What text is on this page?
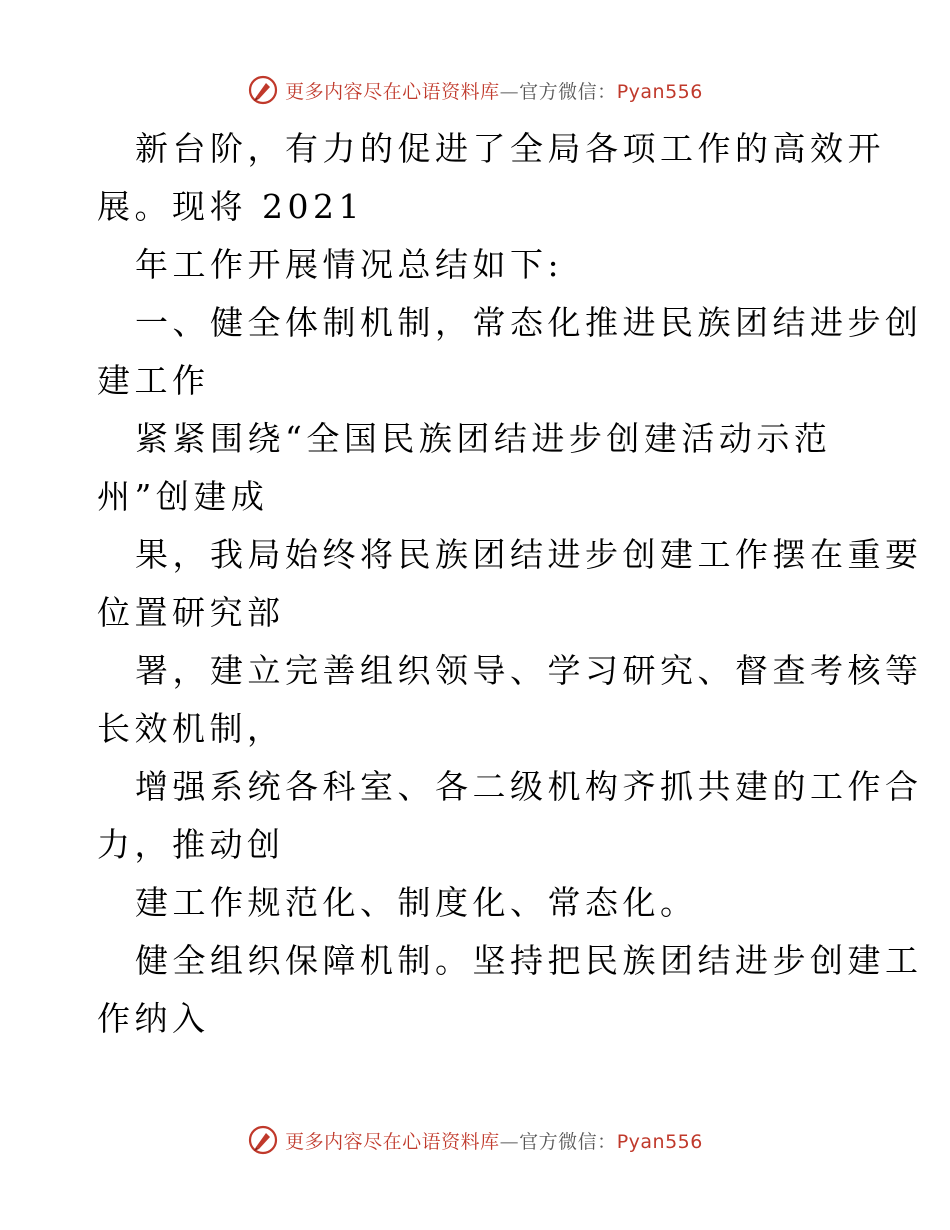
更多内容尽在心语资料库—官方微信：Pyan556
新台阶，有力的促进了全局各项工作的高效开
展。现将 2021
年工作开展情况总结如下:
一、健全体制机制，常态化推进民族团结进步创
建工作
紧紧围绕“全国民族团结进步创建活动示范
州”创建成
果，我局始终将民族团结进步创建工作摆在重要
位置研究部
署，建立完善组织领导、学习研究、督查考核等
长效机制，
增强系统各科室、各二级机构齐抓共建的工作合
力，推动创
建工作规范化、制度化、常态化。
健全组织保障机制。坚持把民族团结进步创建工
作纳入
更多内容尽在心语资料库—官方微信：Pyan556
